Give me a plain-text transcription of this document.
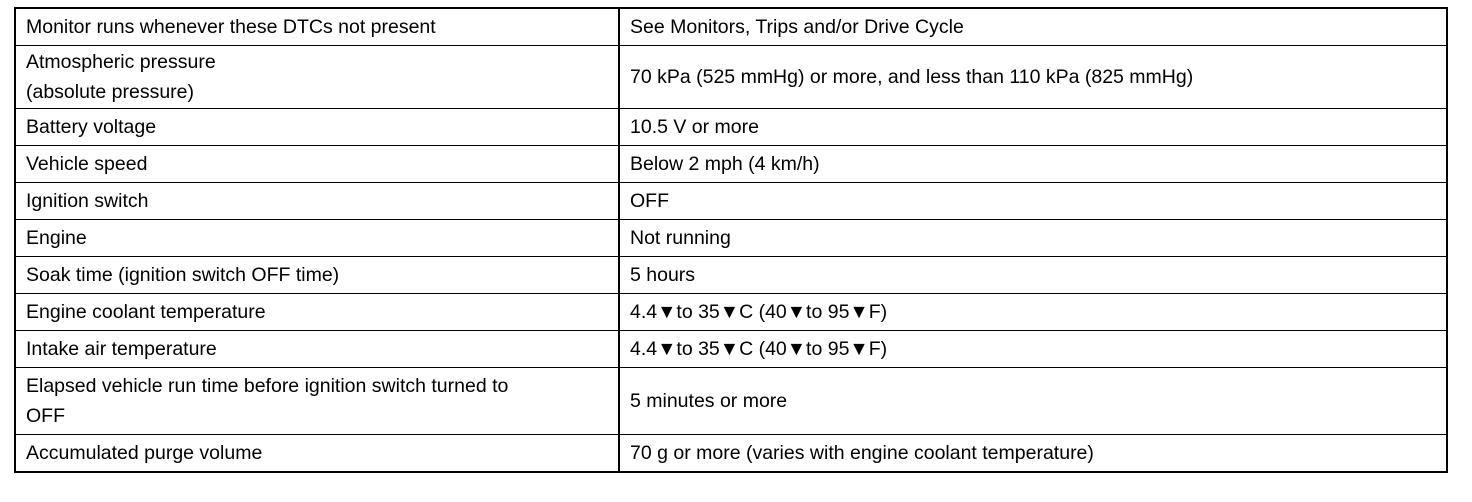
Monitor runs whenever these DTCs not present	See Monitors, Trips and/or Drive Cycle
Atmospheric pressure
(absolute pressure)	70 kPa (525 mmHg) or more, and less than 110 kPa (825 mmHg)
Battery voltage	10.5 V or more
Vehicle speed	Below 2 mph (4 km/h)
Ignition switch	OFF
Engine	Not running
Soak time (ignition switch OFF time)	5 hours
Engine coolant temperature	4.4▼to 35▼C (40▼to 95▼F)
Intake air temperature	4.4▼to 35▼C (40▼to 95▼F)
Elapsed vehicle run time before ignition switch turned to
OFF	5 minutes or more
Accumulated purge volume	70 g or more (varies with engine coolant temperature)
